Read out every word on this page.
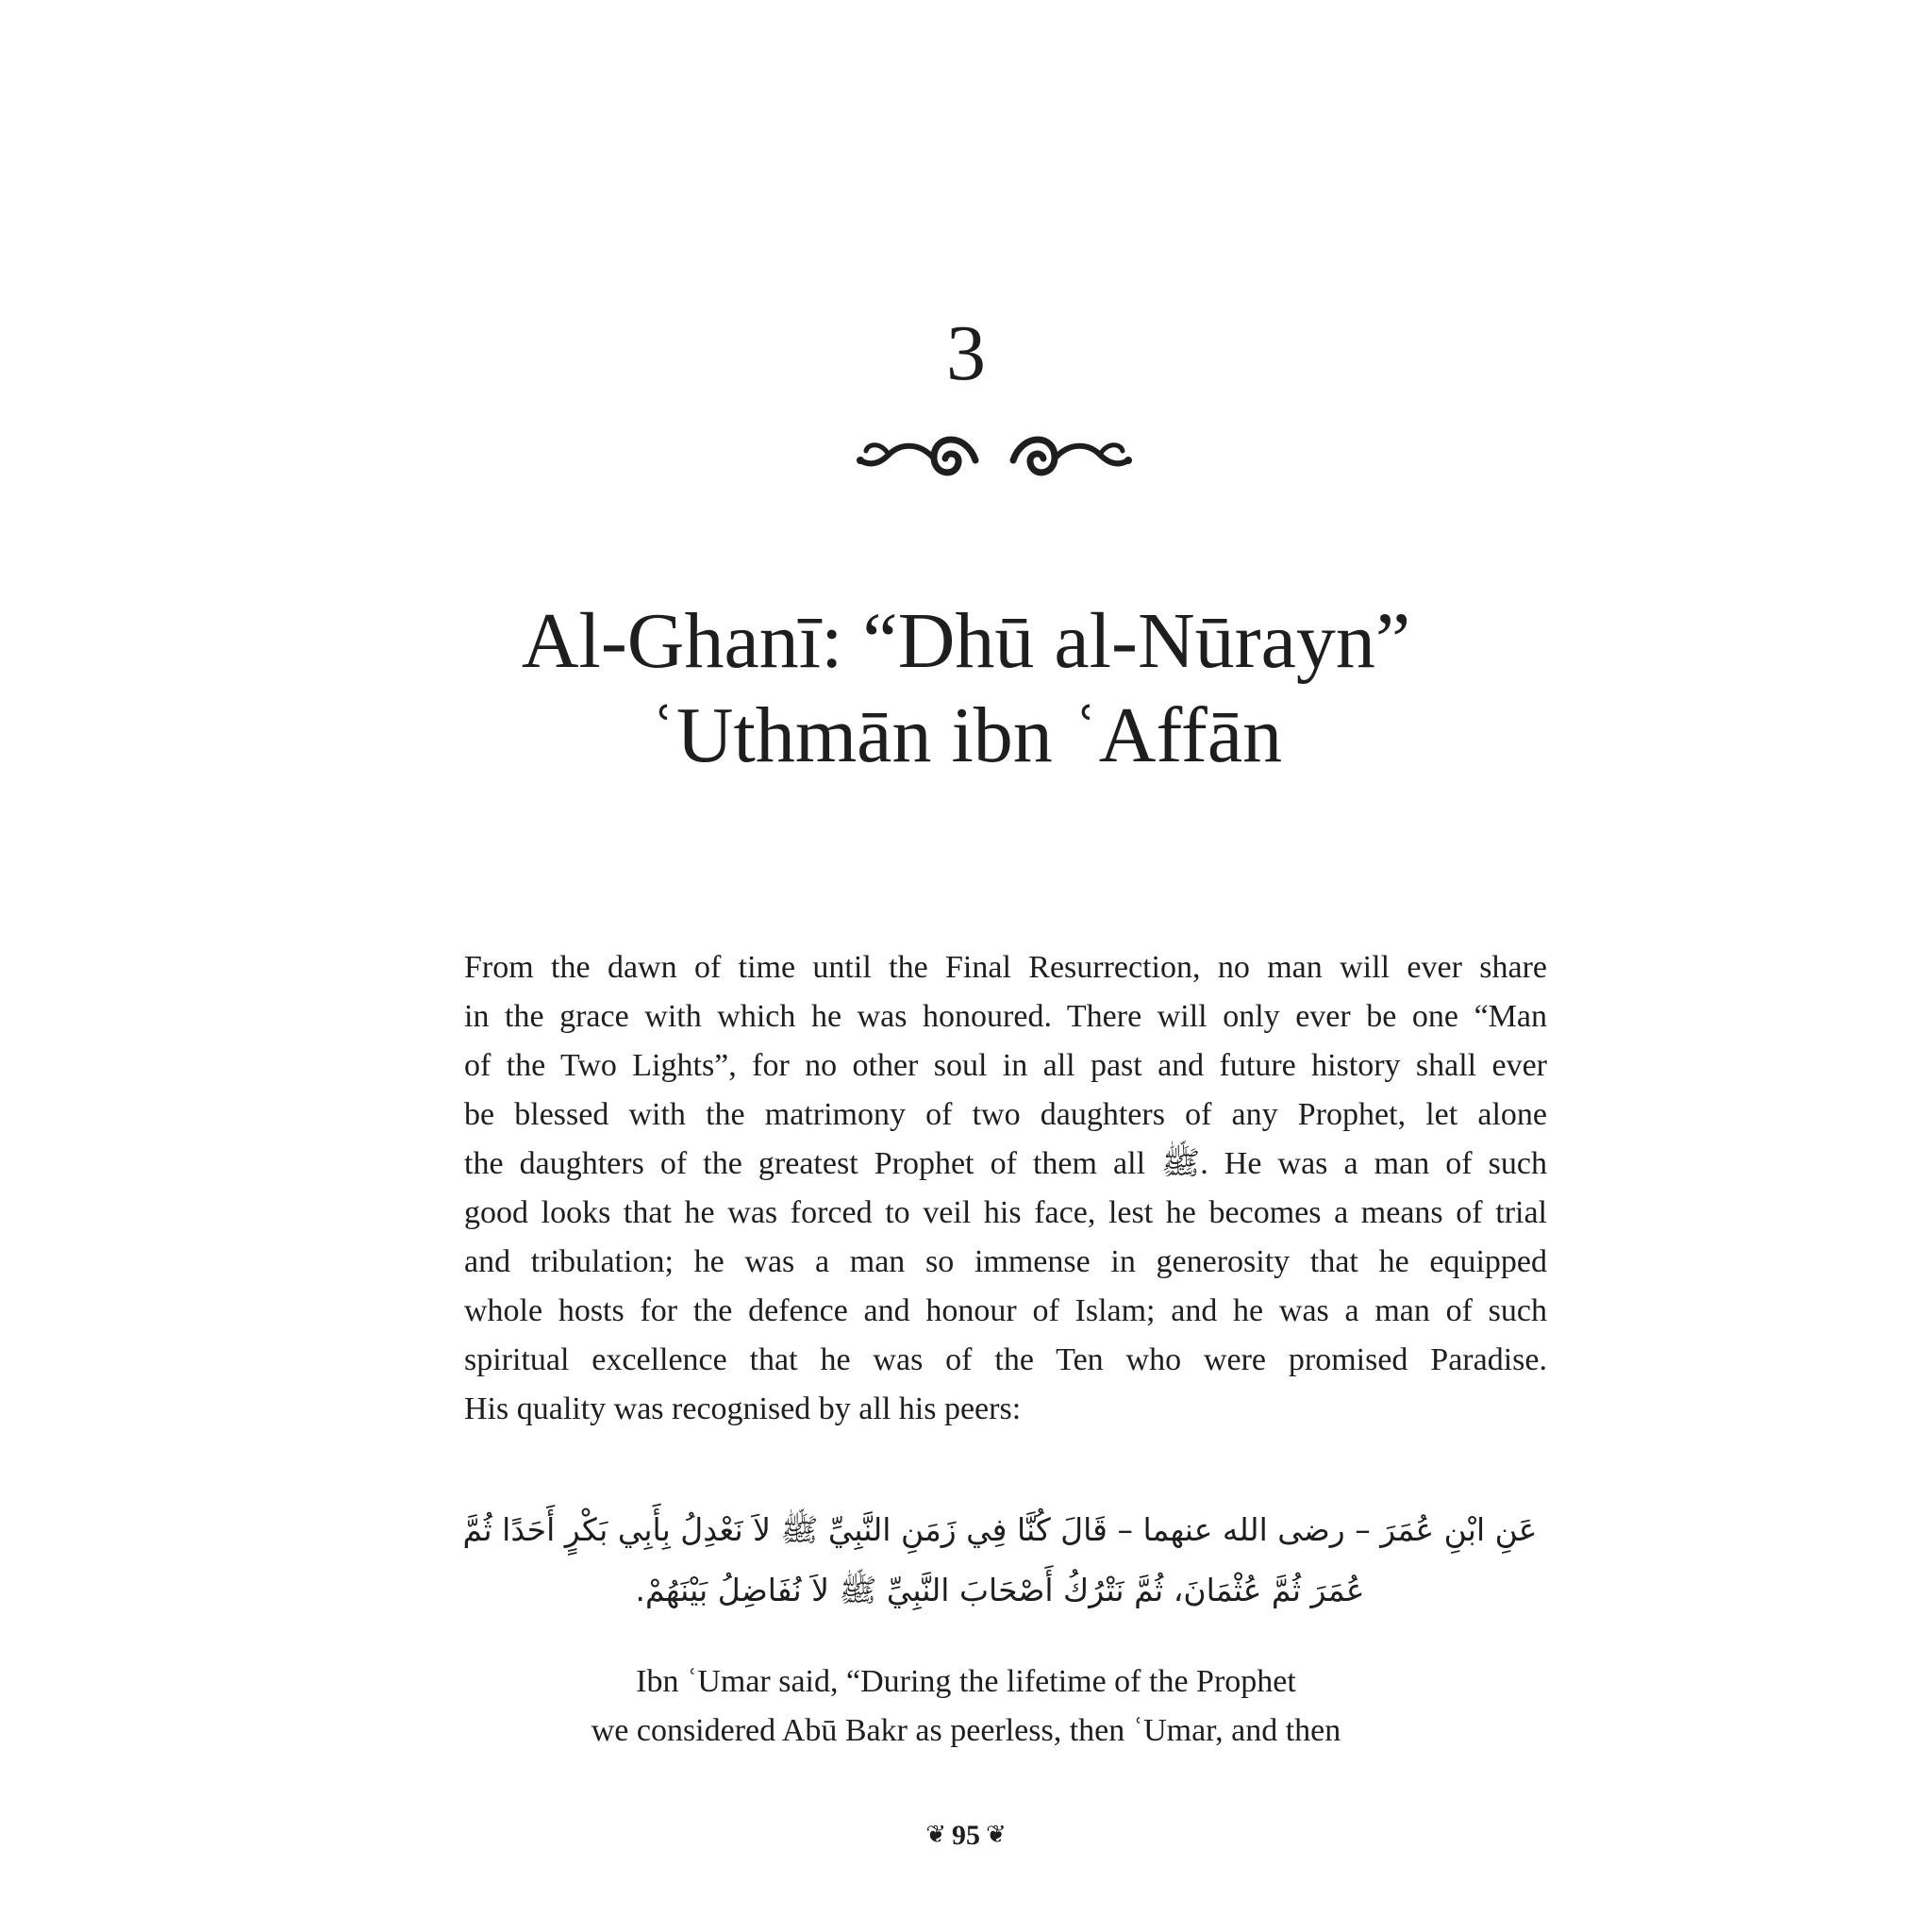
3
Al-Ghanī: “Dhū al-Nūrayn”
ʿUthmān ibn ʿAffān

From the dawn of time until the Final Resurrection, no man will ever share
in the grace with which he was honoured. There will only ever be one “Man
of the Two Lights”, for no other soul in all past and future history shall ever
be blessed with the matrimony of two daughters of any Prophet, let alone
the daughters of the greatest Prophet of them all ﷺ. He was a man of such
good looks that he was forced to veil his face, lest he becomes a means of trial
and tribulation; he was a man so immense in generosity that he equipped
whole hosts for the defence and honour of Islam; and he was a man of such
spiritual excellence that he was of the Ten who were promised Paradise.
His quality was recognised by all his peers:

عَنِ ابْنِ عُمَرَ – رضى الله عنهما – قَالَ كُنَّا فِي زَمَنِ النَّبِيِّ ﷺ لاَ نَعْدِلُ بِأَبِي بَكْرٍ أَحَدًا ثُمَّ
عُمَرَ ثُمَّ عُثْمَانَ، ثُمَّ نَتْرُكُ أَصْحَابَ النَّبِيِّ ﷺ لاَ نُفَاضِلُ بَيْنَهُمْ.

Ibn ʿUmar said, “During the lifetime of the Prophet
we considered Abū Bakr as peerless, then ʿUmar, and then

❦ 95 ❦
